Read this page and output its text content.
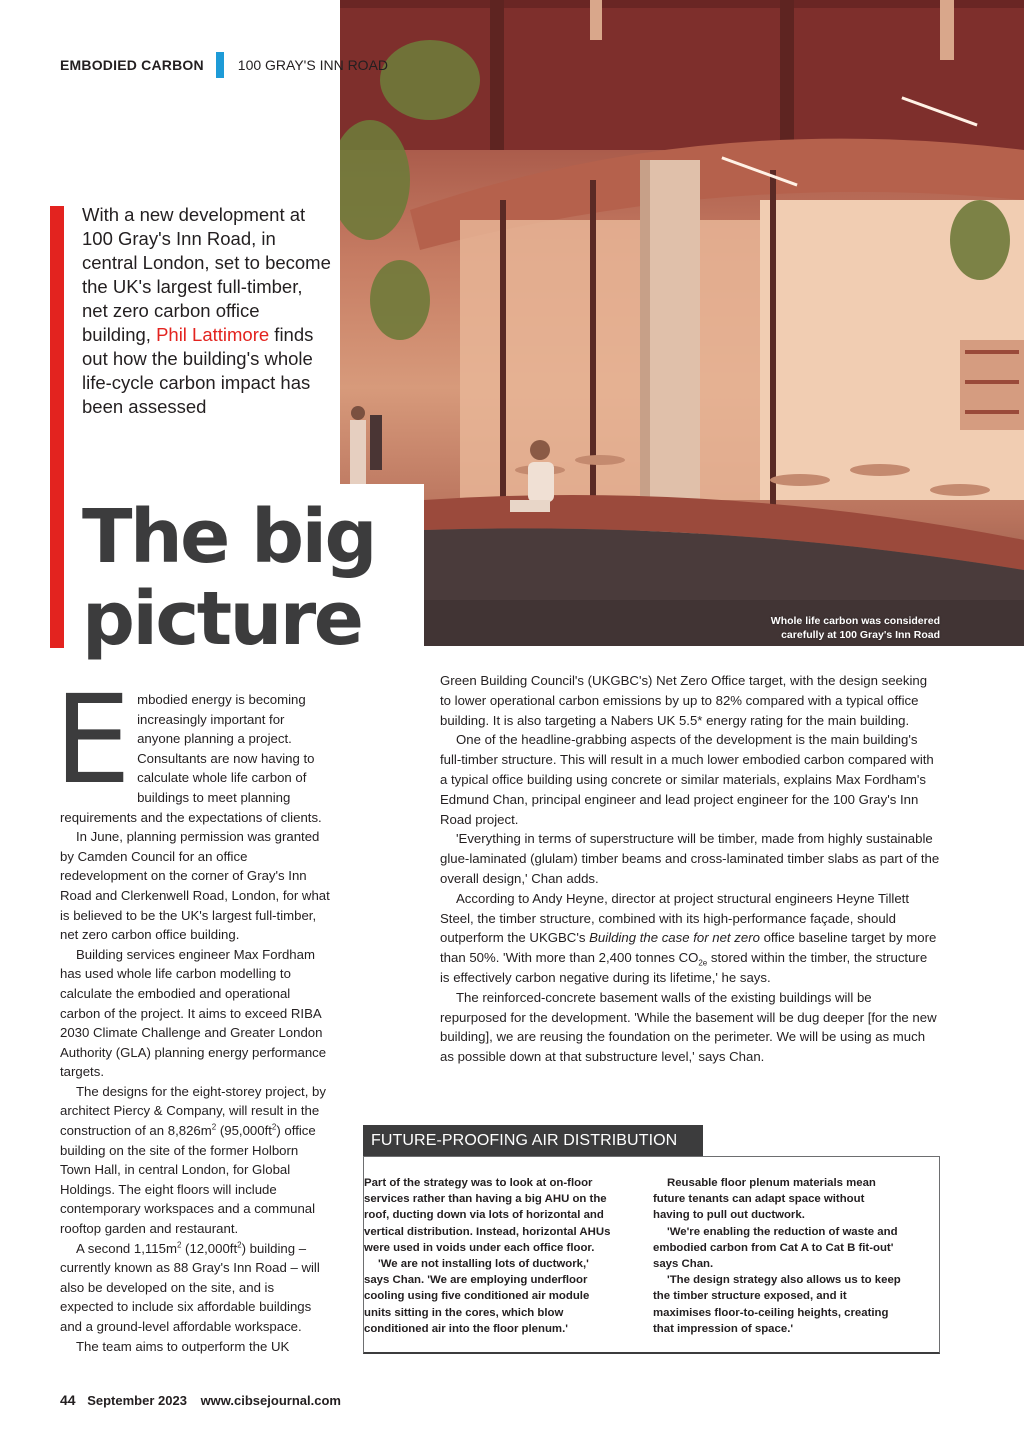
EMBODIED CARBON 100 GRAY'S INN ROAD
Whole life carbon was considered
carefully at 100 Gray's Inn Road
With a new development at 100 Gray's Inn Road, in central London, set to become the UK's largest full-timber, net zero carbon office building, Phil Lattimore finds out how the building's whole life-cycle carbon impact has been assessed
The big
picture

Embodied energy is becoming increasingly important for anyone planning a project. Consultants are now having to calculate whole life carbon of buildings to meet planning requirements and the expectations of clients.

In June, planning permission was granted by Camden Council for an office redevelopment on the corner of Gray's Inn Road and Clerkenwell Road, London, for what is believed to be the UK's largest full-timber, net zero carbon office building.

Building services engineer Max Fordham has used whole life carbon modelling to calculate the embodied and operational carbon of the project. It aims to exceed RIBA 2030 Climate Challenge and Greater London Authority (GLA) planning energy performance targets.

The designs for the eight-storey project, by architect Piercy & Company, will result in the construction of an $8,826m^2$ $(95,000ft^2)$ office building on the site of the former Holborn Town Hall, in central London, for Global Holdings. The eight floors will include contemporary workspaces and a communal rooftop garden and restaurant.

A second $1,115m^2$ $(12,000ft^2)$ building – currently known as 88 Gray's Inn Road – will also be developed on the site, and is expected to include six affordable buildings and a ground-level affordable workspace.

The team aims to outperform the UK

Green Building Council's (UKGBC's) Net Zero Office target, with the design seeking to lower operational carbon emissions by up to 82% compared with a typical office building. It is also targeting a Nabers UK 5.5* energy rating for the main building.

One of the headline-grabbing aspects of the development is the main building's full-timber structure. This will result in a much lower embodied carbon compared with a typical office building using concrete or similar materials, explains Max Fordham's Edmund Chan, principal engineer and lead project engineer for the 100 Gray's Inn Road project.

'Everything in terms of superstructure will be timber, made from highly sustainable glue-laminated (glulam) timber beams and cross-laminated timber slabs as part of the overall design,' Chan adds.

According to Andy Heyne, director at project structural engineers Heyne Tillett Steel, the timber structure, combined with its high-performance façade, should outperform the UKGBC's Building the case for net zero office baseline target by more than 50%. 'With more than 2,400 tonnes $CO_{2e}$ stored within the timber, the structure is effectively carbon negative during its lifetime,' he says.

The reinforced-concrete basement walls of the existing buildings will be repurposed for the development. 'While the basement will be dug deeper [for the new building], we are reusing the foundation on the perimeter. We will be using as much as possible down at that substructure level,' says Chan.

FUTURE-PROOFING AIR DISTRIBUTION

Part of the strategy was to look at on-floor services rather than having a big AHU on the roof, ducting down via lots of horizontal and vertical distribution. Instead, horizontal AHUs were used in voids under each office floor.

'We are not installing lots of ductwork,' says Chan. 'We are employing underfloor cooling using five conditioned air module units sitting in the cores, which blow conditioned air into the floor plenum.'

Reusable floor plenum materials mean future tenants can adapt space without having to pull out ductwork.

'We're enabling the reduction of waste and embodied carbon from Cat A to Cat B fit-out' says Chan.

'The design strategy also allows us to keep the timber structure exposed, and it maximises floor-to-ceiling heights, creating that impression of space.'

44 September 2023 www.cibsejournal.com
